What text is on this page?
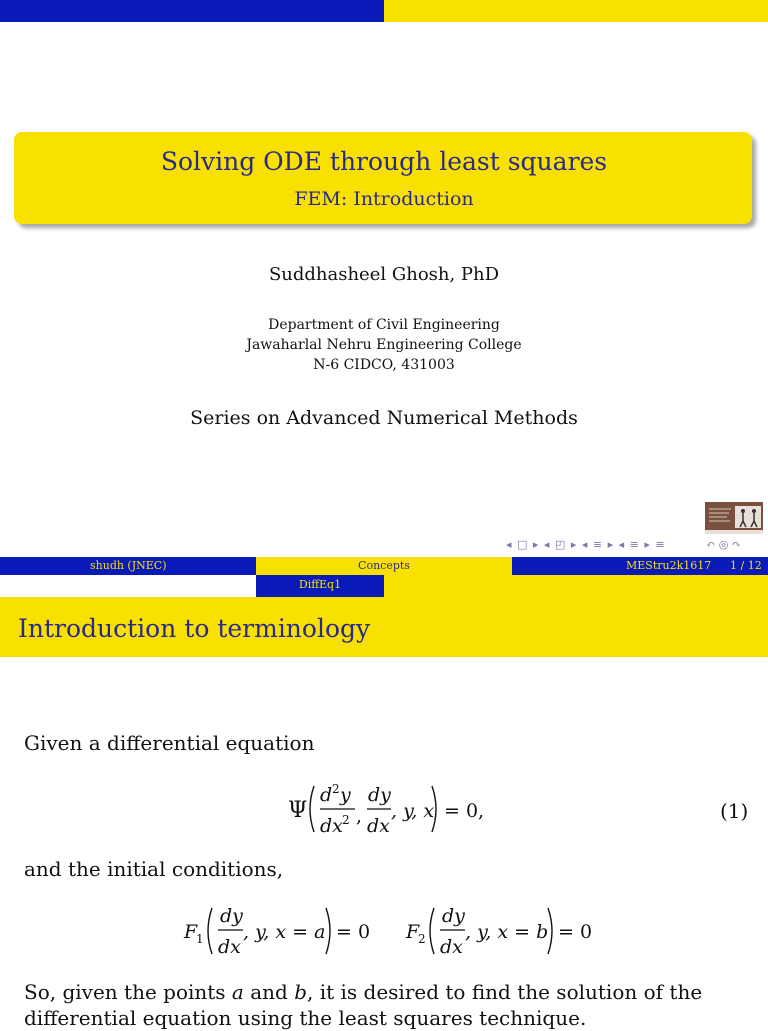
Solving ODE through least squares
FEM: Introduction
Suddhasheel Ghosh, PhD
Department of Civil Engineering
Jawaharlal Nehru Engineering College
N-6 CIDCO, 431003
Series on Advanced Numerical Methods
◂ □ ▸ ◂ ◰ ▸ ◂ ≡ ▸ ◂ ≡ ▸ ≡	↶ ◎ ↷
shudh (JNEC)	Concepts	MEStru2k1617 1 / 12
DiffEq1
Introduction to terminology
Given a differential equation
Ψ
d 2 y
dx 2 ,
dy
dx
, y, x = 0,	(1)
and the initial conditions,
F
1
dy
dx
, y, x = a = 0 F
2
dy
dx
, y, x = b = 0
So, given the points a and b, it is desired to find the solution of the differential equation using the least squares technique.
